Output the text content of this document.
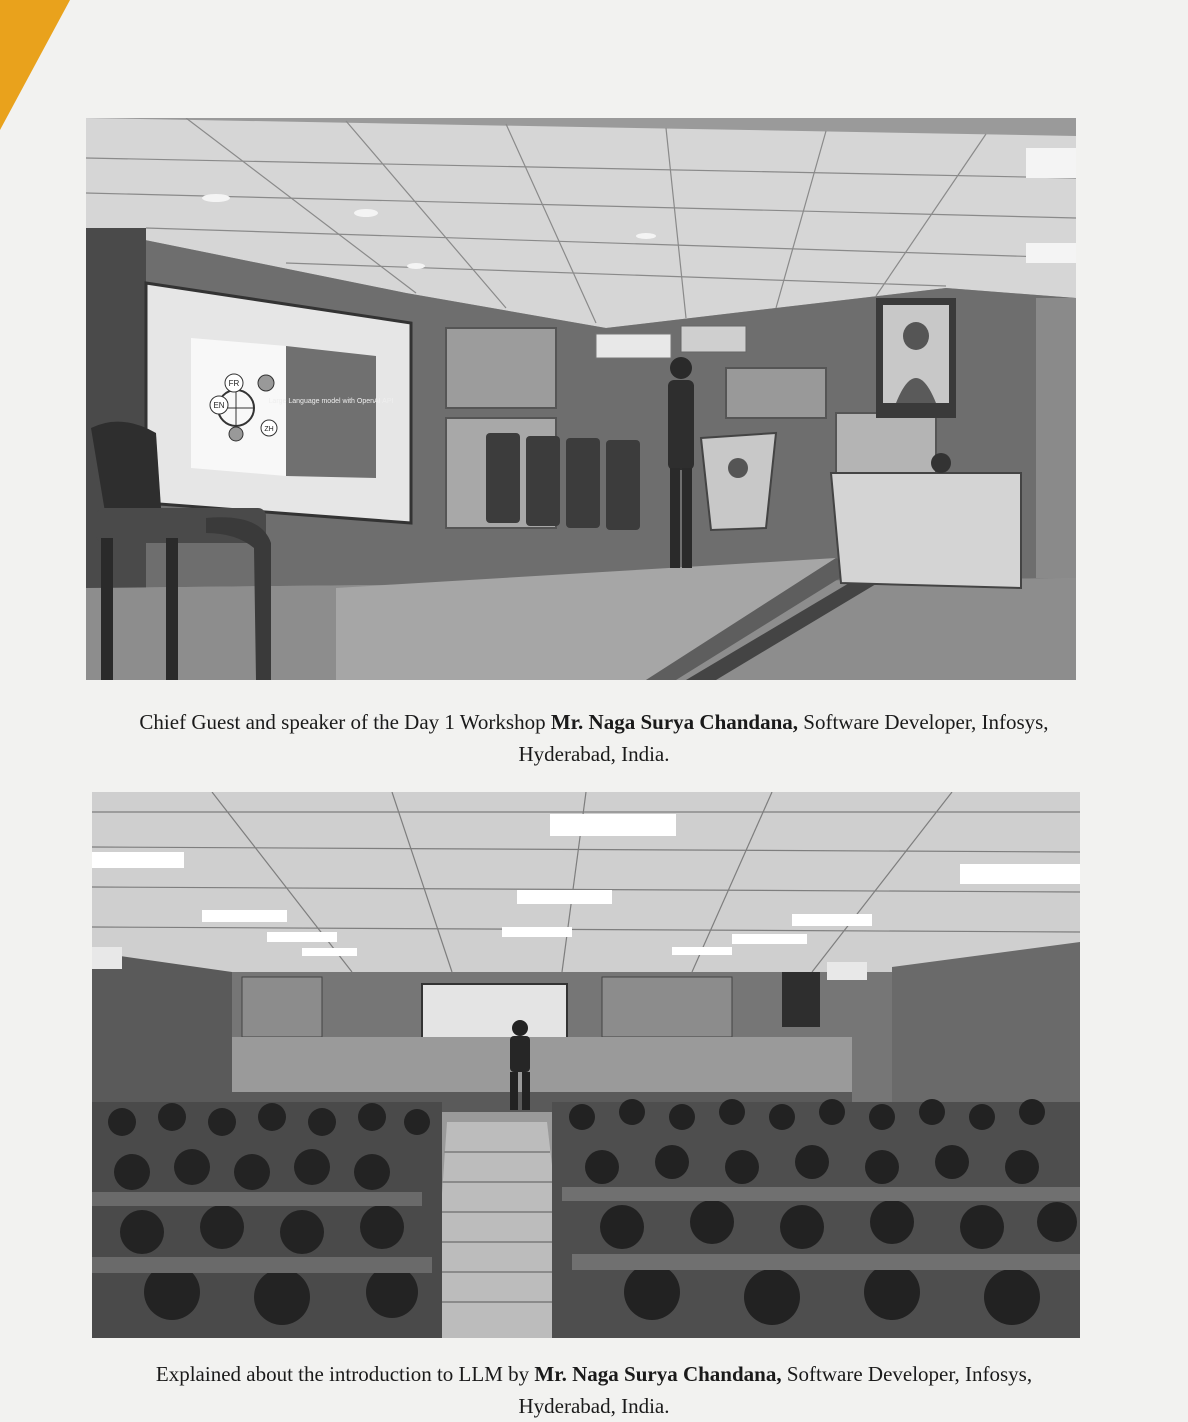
FR
EN
ZH
Large Language model with OpenAI API
Chief Guest and speaker of the Day 1 Workshop Mr. Naga Surya Chandana, Software Developer, Infosys,
Hyderabad, India.
Explained about the introduction to LLM by Mr. Naga Surya Chandana, Software Developer, Infosys,
Hyderabad, India.
